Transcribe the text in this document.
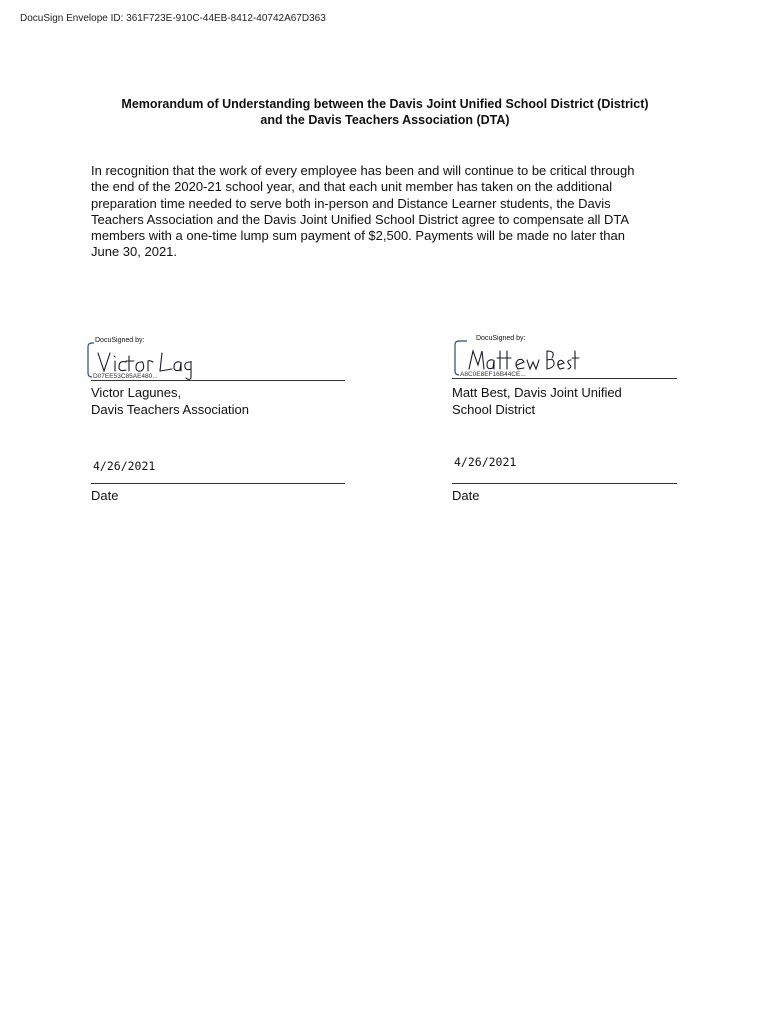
DocuSign Envelope ID: 361F723E-910C-44EB-8412-40742A67D363
Memorandum of Understanding between the Davis Joint Unified School District (District)
and the Davis Teachers Association (DTA)
In recognition that the work of every employee has been and will continue to be critical through
the end of the 2020-21 school year, and that each unit member has taken on the additional
preparation time needed to serve both in-person and Distance Learner students, the Davis
Teachers Association and the Davis Joint Unified School District agree to compensate all DTA
members with a one-time lump sum payment of $2,500. Payments will be made no later than
June 30, 2021.
DocuSigned by:
D07EE53C85AE480...
Victor Lagunes,
Davis Teachers Association
4/26/2021
Date
DocuSigned by:
A8C0E8EF16B44CE...
Matt Best, Davis Joint Unified
School District
4/26/2021
Date
